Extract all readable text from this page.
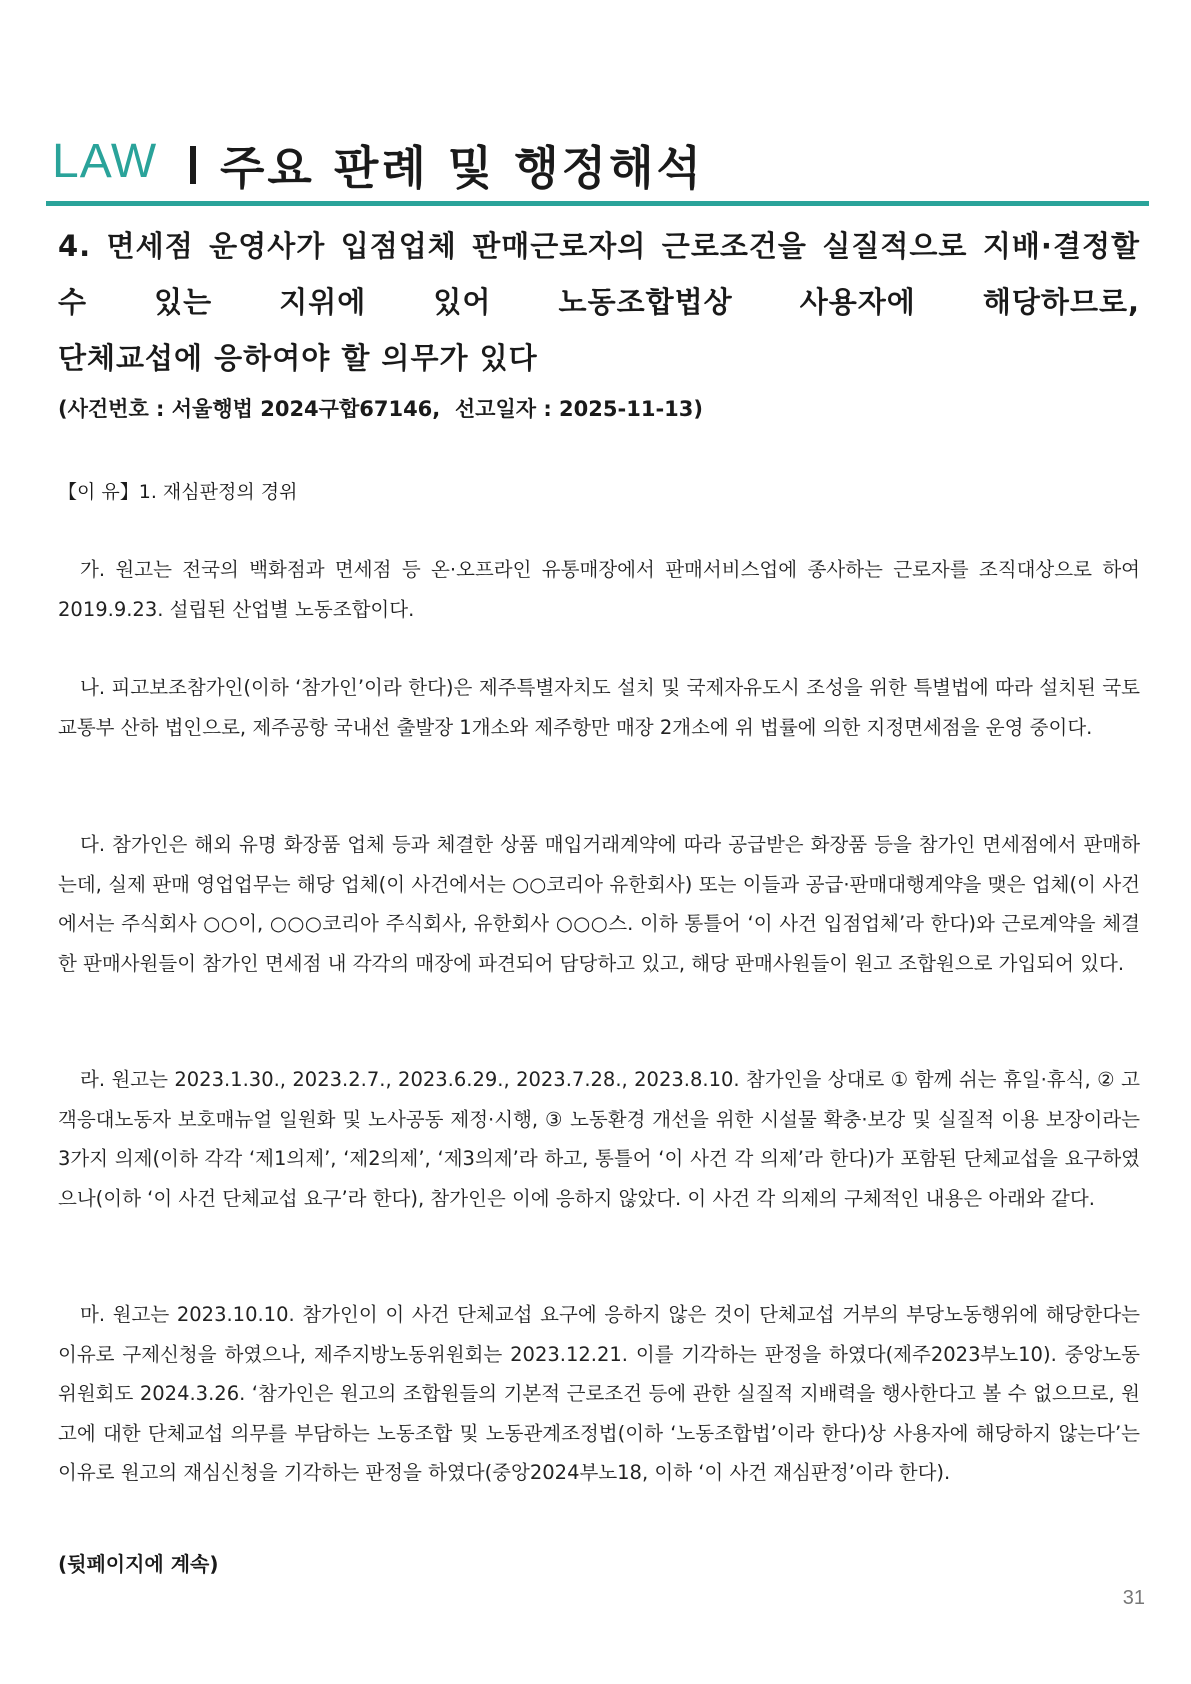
LAW 주요 판례 및 행정해석
4. 면세점 운영사가 입점업체 판매근로자의 근로조건을 실질적으로 지배·결정할 수 있는 지위에 있어 노동조합법상 사용자에 해당하므로,
단체교섭에 응하여야 할 의무가 있다
(사건번호 : 서울행법 2024구합67146,  선고일자 : 2025-11-13)
【이 유】1. 재심판정의 경위

가. 원고는 전국의 백화점과 면세점 등 온·오프라인 유통매장에서 판매서비스업에 종사하는 근로자를 조직대상으로 하여 2019.9.23. 설립된 산업별 노동조합이다.

나. 피고보조참가인(이하 ‘참가인’이라 한다)은 제주특별자치도 설치 및 국제자유도시 조성을 위한 특별법에 따라 설치된 국토교통부 산하 법인으로, 제주공항 국내선 출발장 1개소와 제주항만 매장 2개소에 위 법률에 의한 지정면세점을 운영 중이다.

다. 참가인은 해외 유명 화장품 업체 등과 체결한 상품 매입거래계약에 따라 공급받은 화장품 등을 참가인 면세점에서 판매하는데, 실제 판매 영업업무는 해당 업체(이 사건에서는 ○○코리아 유한회사) 또는 이들과 공급·판매대행계약을 맺은 업체(이 사건에서는 주식회사 ○○이, ○○○코리아 주식회사, 유한회사 ○○○스. 이하 통틀어 ‘이 사건 입점업체’라 한다)와 근로계약을 체결한 판매사원들이 참가인 면세점 내 각각의 매장에 파견되어 담당하고 있고, 해당 판매사원들이 원고 조합원으로 가입되어 있다.

라. 원고는 2023.1.30., 2023.2.7., 2023.6.29., 2023.7.28., 2023.8.10. 참가인을 상대로 ① 함께 쉬는 휴일·휴식, ② 고객응대노동자 보호매뉴얼 일원화 및 노사공동 제정·시행, ③ 노동환경 개선을 위한 시설물 확충·보강 및 실질적 이용 보장이라는 3가지 의제(이하 각각 ‘제1의제’, ‘제2의제’, ‘제3의제’라 하고, 통틀어 ‘이 사건 각 의제’라 한다)가 포함된 단체교섭을 요구하였으나(이하 ‘이 사건 단체교섭 요구’라 한다), 참가인은 이에 응하지 않았다. 이 사건 각 의제의 구체적인 내용은 아래와 같다.

마. 원고는 2023.10.10. 참가인이 이 사건 단체교섭 요구에 응하지 않은 것이 단체교섭 거부의 부당노동행위에 해당한다는 이유로 구제신청을 하였으나, 제주지방노동위원회는 2023.12.21. 이를 기각하는 판정을 하였다(제주2023부노10). 중앙노동위원회도 2024.3.26. ‘참가인은 원고의 조합원들의 기본적 근로조건 등에 관한 실질적 지배력을 행사한다고 볼 수 없으므로, 원고에 대한 단체교섭 의무를 부담하는 노동조합 및 노동관계조정법(이하 ‘노동조합법’이라 한다)상 사용자에 해당하지 않는다’는 이유로 원고의 재심신청을 기각하는 판정을 하였다(중앙2024부노18, 이하 ‘이 사건 재심판정’이라 한다).

(뒷페이지에 계속)
31
